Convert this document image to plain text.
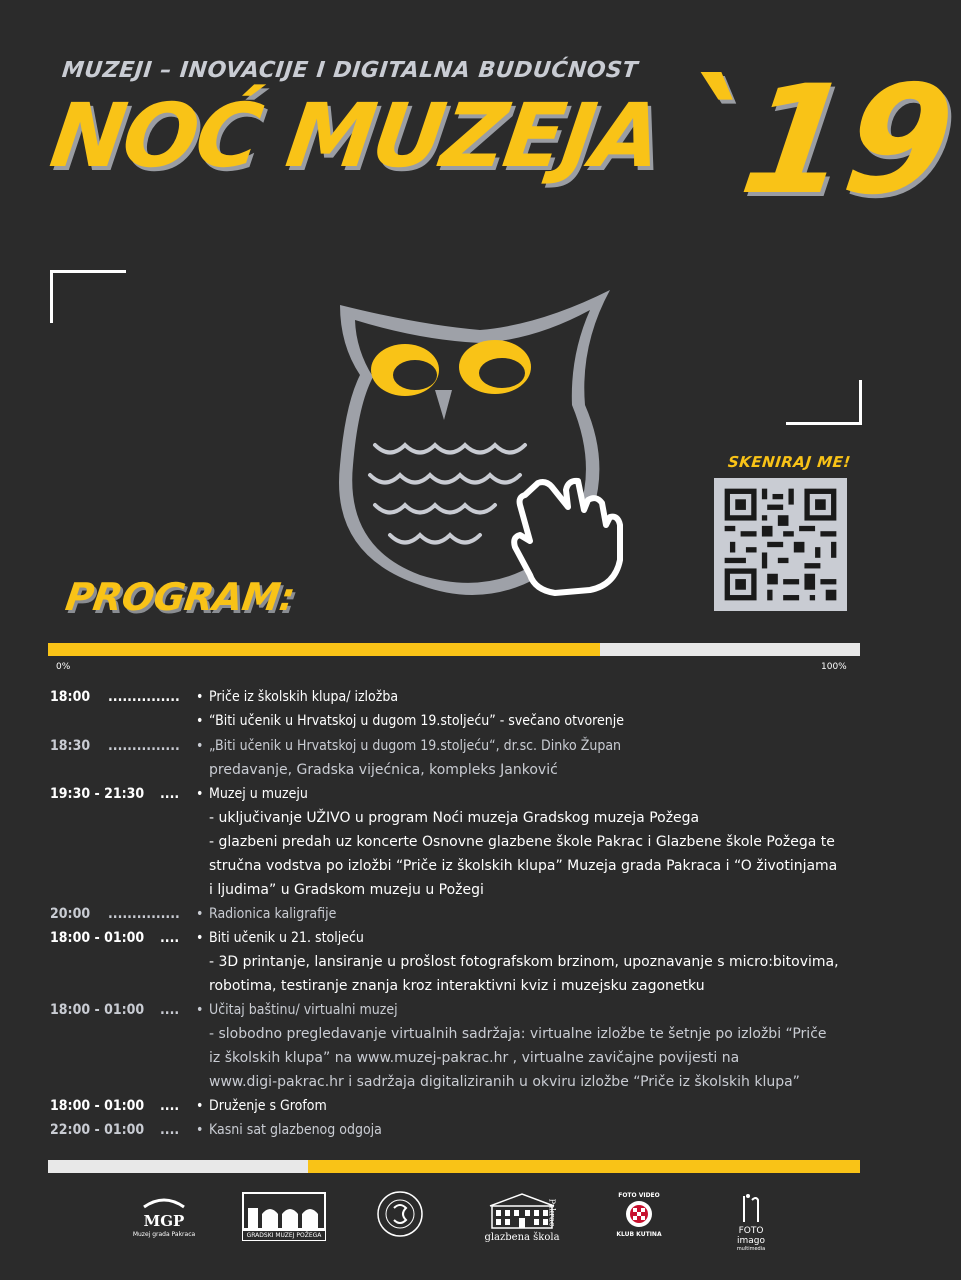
MUZEJI – INOVACIJE I DIGITALNA BUDUĆNOST
NOĆ MUZEJA
`19
SKENIRAJ ME!
PROGRAM:
0%	100%
18:00 ............... • Priče iz školskih klupa/ izložba
• “Biti učenik u Hrvatskoj u dugom 19.stoljeću” - svečano otvorenje
18:30 ............... • „Biti učenik u Hrvatskoj u dugom 19.stoljeću“, dr.sc. Dinko Župan
predavanje, Gradska vijećnica, kompleks Janković
19:30 - 21:30 .... • Muzej u muzeju
- uključivanje UŽIVO u program Noći muzeja Gradskog muzeja Požega
- glazbeni predah uz koncerte Osnovne glazbene škole Pakrac i Glazbene škole Požega te
stručna vodstva po izložbi “Priče iz školskih klupa” Muzeja grada Pakraca i “O životinjama
i ljudima” u Gradskom muzeju u Požegi
20:00 ............... • Radionica kaligrafije
18:00 - 01:00 .... • Biti učenik u 21. stoljeću
- 3D printanje, lansiranje u prošlost fotografskom brzinom, upoznavanje s micro:bitovima,
robotima, testiranje znanja kroz interaktivni kviz i muzejsku zagonetku
18:00 - 01:00 .... • Učitaj baštinu/ virtualni muzej
- slobodno pregledavanje virtualnih sadržaja: virtualne izložbe te šetnje po izložbi “Priče
iz školskih klupa” na www.muzej-pakrac.hr , virtualne zavičajne povijesti na
www.digi-pakrac.hr i sadržaja digitaliziranih u okviru izložbe “Priče iz školskih klupa”
18:00 - 01:00 .... • Druženje s Grofom
22:00 - 01:00 .... • Kasni sat glazbenog odgoja
MGP
Muzej grada Pakraca	GRADSKI MUZEJ POŽEGA	glazbena škola
Pakrac
FOTO VIDEO
KLUB KUTINA	FOTO imago
multimedia
